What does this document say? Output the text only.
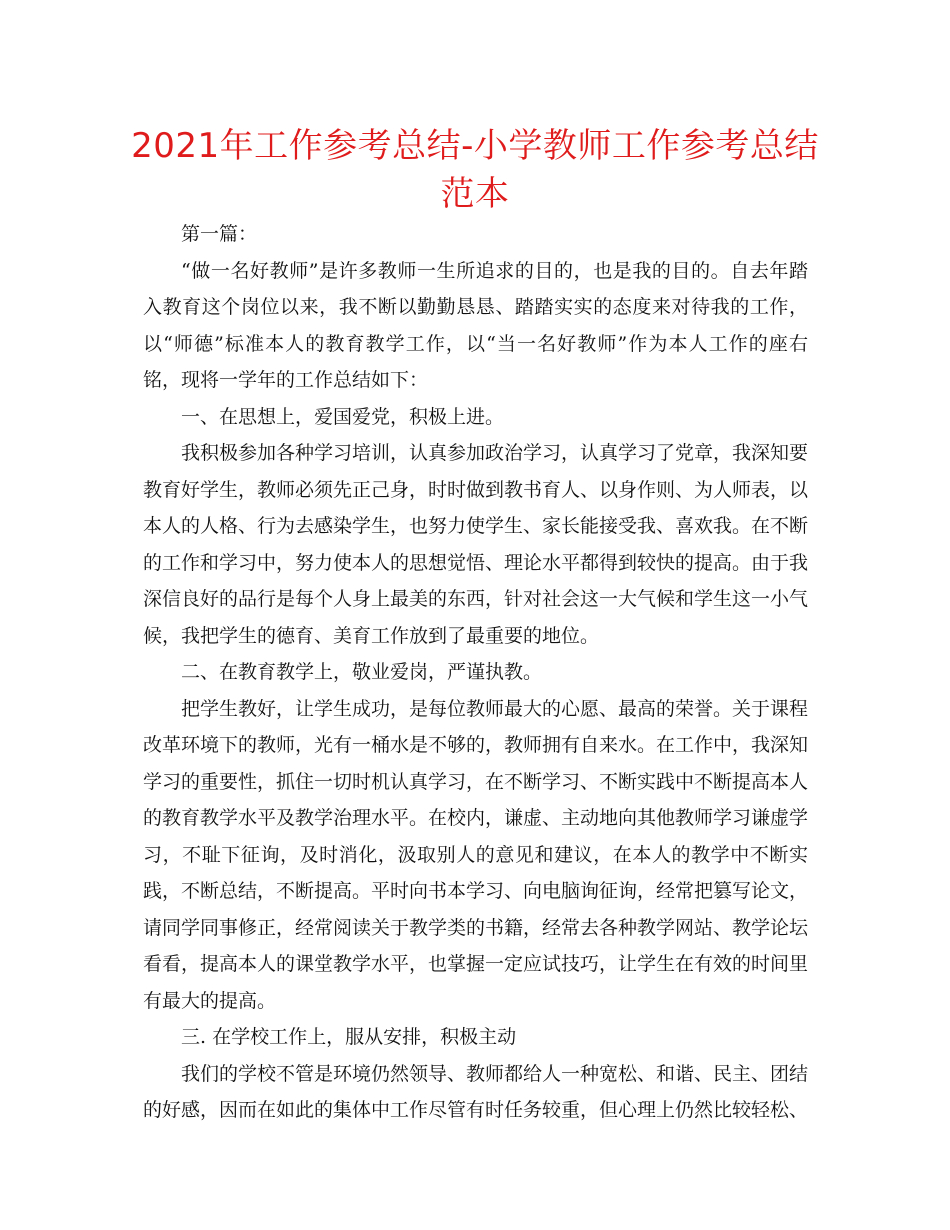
2021年工作参考总结-小学教师工作参考总结范本

第一篇：

“做一名好教师”是许多教师一生所追求的目的，也是我的目的。自去年踏入教育这个岗位以来，我不断以勤勤恳恳、踏踏实实的态度来对待我的工作，以“师德”标准本人的教育教学工作，以“当一名好教师”作为本人工作的座右铭，现将一学年的工作总结如下：

一、在思想上，爱国爱党，积极上进。

我积极参加各种学习培训，认真参加政治学习，认真学习了党章，我深知要教育好学生，教师必须先正己身，时时做到教书育人、以身作则、为人师表，以本人的人格、行为去感染学生，也努力使学生、家长能接受我、喜欢我。在不断的工作和学习中，努力使本人的思想觉悟、理论水平都得到较快的提高。由于我深信良好的品行是每个人身上最美的东西，针对社会这一大气候和学生这一小气候，我把学生的德育、美育工作放到了最重要的地位。

二、在教育教学上，敬业爱岗，严谨执教。

把学生教好，让学生成功，是每位教师最大的心愿、最高的荣誉。关于课程改革环境下的教师，光有一桶水是不够的，教师拥有自来水。在工作中，我深知学习的重要性，抓住一切时机认真学习，在不断学习、不断实践中不断提高本人的教育教学水平及教学治理水平。在校内，谦虚、主动地向其他教师学习谦虚学习，不耻下征询，及时消化，汲取别人的意见和建议，在本人的教学中不断实践，不断总结，不断提高。平时向书本学习、向电脑询征询，经常把篡写论文，请同学同事修正，经常阅读关于教学类的书籍，经常去各种教学网站、教学论坛看看，提高本人的课堂教学水平，也掌握一定应试技巧，让学生在有效的时间里有最大的提高。

三. 在学校工作上，服从安排，积极主动

我们的学校不管是环境仍然领导、教师都给人一种宽松、和谐、民主、团结的好感，因而在如此的集体中工作尽管有时任务较重，但心理上仍然比较轻松、
